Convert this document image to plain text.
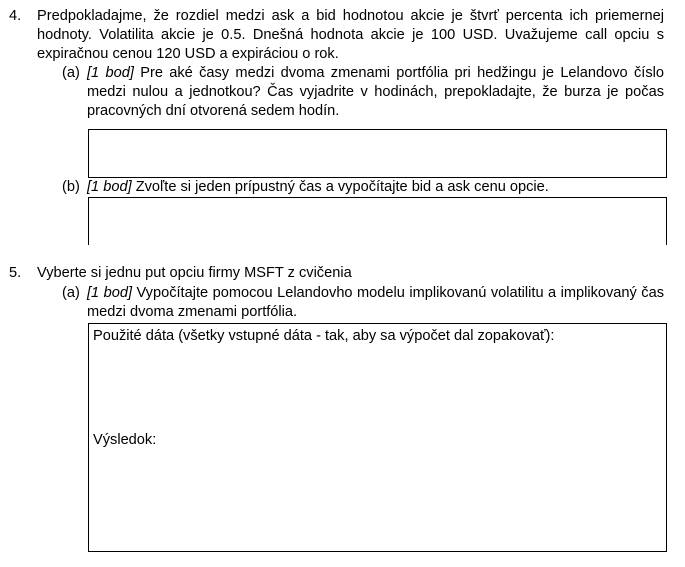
4. Predpokladajme, že rozdiel medzi ask a bid hodnotou akcie je štvrť percenta ich priemernej hodnoty. Volatilita akcie je 0.5. Dnešná hodnota akcie je 100 USD. Uvažujeme call opciu s expiračnou cenou 120 USD a expiráciou o rok.
(a) [1 bod] Pre aké časy medzi dvoma zmenami portfólia pri hedžingu je Lelandovo číslo medzi nulou a jednotkou? Čas vyjadrite v hodinách, prepokladajte, že burza je počas pracovných dní otvorená sedem hodín.
(b) [1 bod] Zvoľte si jeden prípustný čas a vypočítajte bid a ask cenu opcie.
5. Vyberte si jednu put opciu firmy MSFT z cvičenia
(a) [1 bod] Vypočítajte pomocou Lelandovho modelu implikovanú volatilitu a implikovaný čas medzi dvoma zmenami portfólia.
Použité dáta (všetky vstupné dáta - tak, aby sa výpočet dal zopakovať):
Výsledok:
